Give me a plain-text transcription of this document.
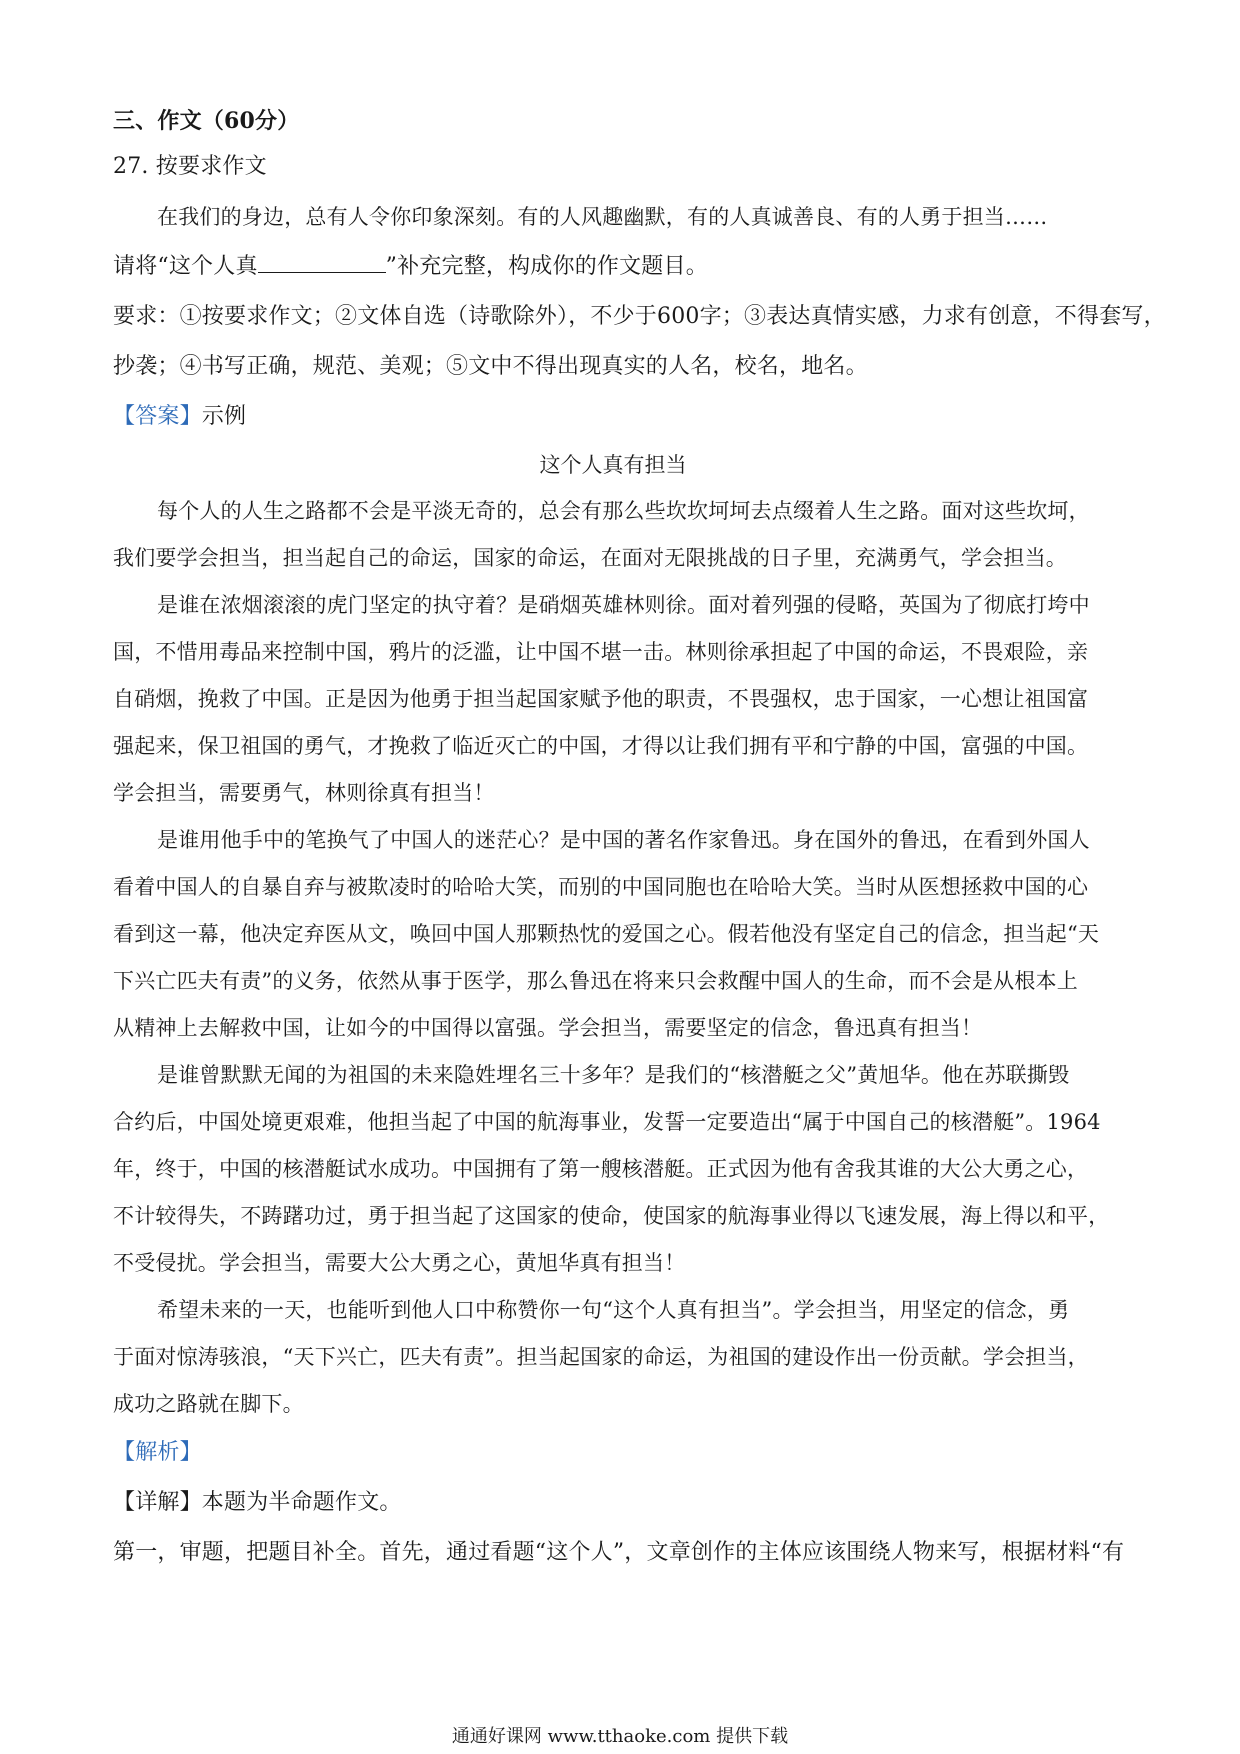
三、作文（60分）
27. 按要求作文
在我们的身边，总有人令你印象深刻。有的人风趣幽默，有的人真诚善良、有的人勇于担当……
请将“这个人真	”补充完整，构成你的作文题目。
要求：①按要求作文；②文体自选（诗歌除外），不少于600字；③表达真情实感，力求有创意，不得套写，
抄袭；④书写正确，规范、美观；⑤文中不得出现真实的人名，校名，地名。
【答案】示例
这个人真有担当
每个人的人生之路都不会是平淡无奇的，总会有那么些坎坎坷坷去点缀着人生之路。面对这些坎坷，
我们要学会担当，担当起自己的命运，国家的命运，在面对无限挑战的日子里，充满勇气，学会担当。
是谁在浓烟滚滚的虎门坚定的执守着？是硝烟英雄林则徐。面对着列强的侵略，英国为了彻底打垮中
国，不惜用毒品来控制中国，鸦片的泛滥，让中国不堪一击。林则徐承担起了中国的命运，不畏艰险，亲
自硝烟，挽救了中国。正是因为他勇于担当起国家赋予他的职责，不畏强权，忠于国家，一心想让祖国富
强起来，保卫祖国的勇气，才挽救了临近灭亡的中国，才得以让我们拥有平和宁静的中国，富强的中国。
学会担当，需要勇气，林则徐真有担当！
是谁用他手中的笔换气了中国人的迷茫心？是中国的著名作家鲁迅。身在国外的鲁迅，在看到外国人
看着中国人的自暴自弃与被欺凌时的哈哈大笑，而别的中国同胞也在哈哈大笑。当时从医想拯救中国的心
看到这一幕，他决定弃医从文，唤回中国人那颗热忱的爱国之心。假若他没有坚定自己的信念，担当起“天
下兴亡匹夫有责”的义务，依然从事于医学，那么鲁迅在将来只会救醒中国人的生命，而不会是从根本上
从精神上去解救中国，让如今的中国得以富强。学会担当，需要坚定的信念，鲁迅真有担当！
是谁曾默默无闻的为祖国的未来隐姓埋名三十多年？是我们的“核潜艇之父”黄旭华。他在苏联撕毁
合约后，中国处境更艰难，他担当起了中国的航海事业，发誓一定要造出“属于中国自己的核潜艇”。1964
年，终于，中国的核潜艇试水成功。中国拥有了第一艘核潜艇。正式因为他有舍我其谁的大公大勇之心，
不计较得失，不踌躇功过，勇于担当起了这国家的使命，使国家的航海事业得以飞速发展，海上得以和平，
不受侵扰。学会担当，需要大公大勇之心，黄旭华真有担当！
希望未来的一天，也能听到他人口中称赞你一句“这个人真有担当”。学会担当，用坚定的信念，勇
于面对惊涛骇浪，“天下兴亡，匹夫有责”。担当起国家的命运，为祖国的建设作出一份贡献。学会担当，
成功之路就在脚下。
【解析】
【详解】本题为半命题作文。
第一，审题，把题目补全。首先，通过看题“这个人”，文章创作的主体应该围绕人物来写，根据材料“有
通通好课网 www.tthaoke.com 提供下载
